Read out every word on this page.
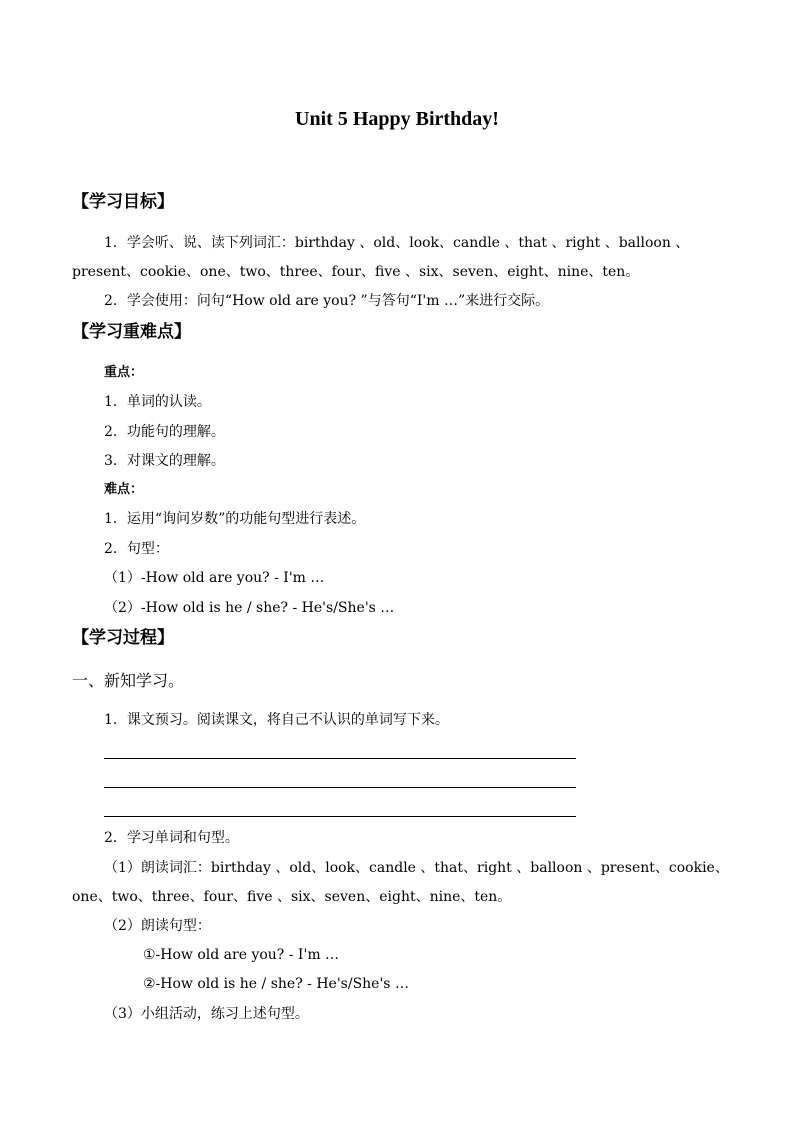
Unit 5 Happy Birthday!
【学习目标】
1．学会听、说、读下列词汇：birthday 、old、look、candle 、that 、right 、balloon 、
present、cookie、one、two、three、four、five 、six、seven、eight、nine、ten。
2．学会使用：问句“How old are you? ”与答句“I'm …”来进行交际。
【学习重难点】
重点：
1．单词的认读。
2．功能句的理解。
3．对课文的理解。
难点：
1．运用“询问岁数”的功能句型进行表述。
2．句型：
（1）-How old are you? - I'm …
（2）-How old is he / she? - He's/She's …
【学习过程】
一、新知学习。
1．课文预习。阅读课文，将自己不认识的单词写下来。
2．学习单词和句型。
（1）朗读词汇：birthday 、old、look、candle 、that、right 、balloon 、present、cookie、
one、two、three、four、five 、six、seven、eight、nine、ten。
（2）朗读句型：
①-How old are you? - I'm …
②-How old is he / she? - He's/She's …
（3）小组活动，练习上述句型。
